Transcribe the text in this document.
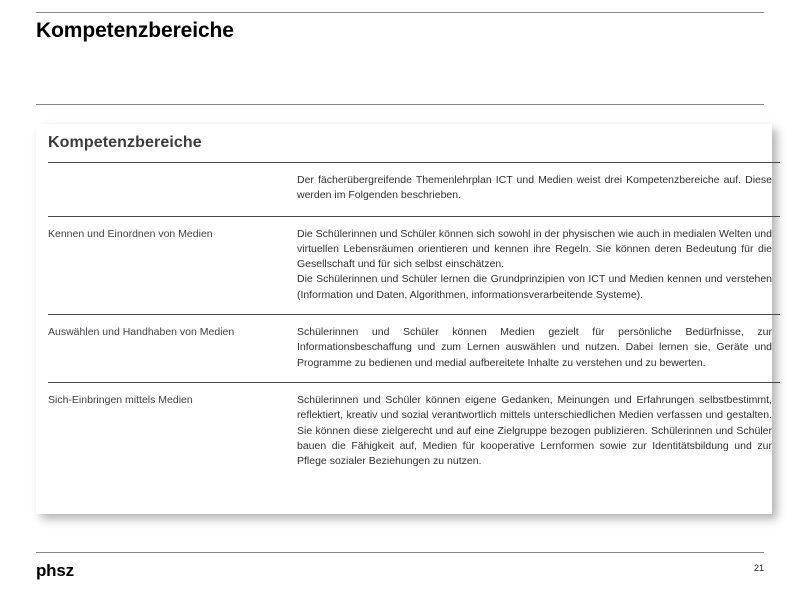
Kompetenzbereiche
Kompetenzbereiche

	Der fächerübergreifende Themenlehrplan ICT und Medien weist drei Kompetenzbereiche auf. Diese werden im Folgenden beschrieben.

Kennen und Einordnen von Medien	Die Schülerinnen und Schüler können sich sowohl in der physischen wie auch in medialen Welten und virtuellen Lebensräumen orientieren und kennen ihre Regeln. Sie können deren Bedeutung für die Gesellschaft und für sich selbst einschätzen.

Die Schülerinnen und Schüler lernen die Grundprinzipien von ICT und Medien kennen und verstehen (Information und Daten, Algorithmen, informationsverarbeitende Systeme).

Auswählen und Handhaben von Medien	Schülerinnen und Schüler können Medien gezielt für persönliche Bedürfnisse, zur Informationsbeschaffung und zum Lernen auswählen und nutzen. Dabei lernen sie, Geräte und Programme zu bedienen und medial aufbereitete Inhalte zu verstehen und zu bewerten.

Sich-Einbringen mittels Medien	Schülerinnen und Schüler können eigene Gedanken, Meinungen und Erfahrungen selbstbestimmt, reflektiert, kreativ und sozial verantwortlich mittels unterschiedlichen Medien verfassen und gestalten. Sie können diese zielgerecht und auf eine Zielgruppe bezogen publizieren. Schülerinnen und Schüler bauen die Fähigkeit auf, Medien für kooperative Lernformen sowie zur Identitätsbildung und zur Pflege sozialer Beziehungen zu nutzen.

phsz	21
